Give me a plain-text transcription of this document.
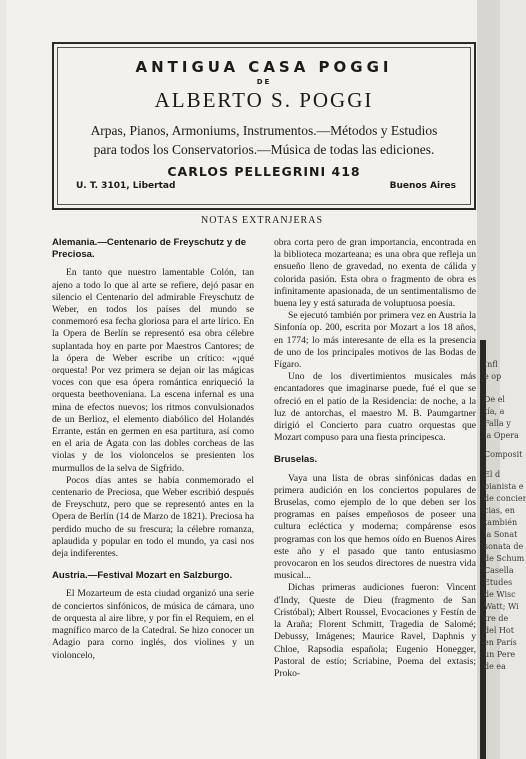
ANTIGUA CASA POGGI
DE
ALBERTO S. POGGI
Arpas, Pianos, Armoniums, Instrumentos.—Métodos y Estudios
para todos los Conservatorios.—Música de todas las ediciones.
CARLOS PELLEGRINI 418
U. T. 3101, Libertad	Buenos Aires
NOTAS EXTRANJERAS
Alemania.—Centenario de Freyschutz y de Preciosa.

En tanto que nuestro lamentable Colón, tan ajeno a todo lo que al arte se refiere, dejó pasar en silencio el Centenario del admirable Freyschutz de Weber, en todos los países del mundo se conmemoró esa fecha gloriosa para el arte lírico. En la Opera de Berlín se representó esa obra célebre suplantada hoy en parte por Maestros Cantores; de la ópera de Weber escribe un crítico: «¡qué orquesta! Por vez primera se dejan oir las mágicas voces con que esa ópera romántica enriqueció la orquesta beethoveniana. La escena infernal es una mina de efectos nuevos; los ritmos convulsionados de un Berlioz, el elemento diabólico del Holandés Errante, están en germen en esa partitura, así como en el aria de Agata con las dobles corcheas de las violas y de los violoncelos se presienten los murmullos de la selva de Sigfrido.

Pocos días antes se había conmemorado el centenario de Preciosa, que Weber escribió después de Freyschutz, pero que se representó antes en la Opera de Berlín (14 de Marzo de 1821). Preciosa ha perdido mucho de su frescura; la célebre romanza, aplaudida y popular en todo el mundo, ya casi nos deja indiferentes.

Austria.—Festival Mozart en Salzburgo.

El Mozarteum de esta ciudad organizó una serie de conciertos sinfónicos, de música de cámara, uno de orquesta al aire libre, y por fin el Requiem, en el magnífico marco de la Catedral. Se hizo conocer un Adagio para corno inglés, dos violines y un violoncelo,

obra corta pero de gran importancia, encontrada en la biblioteca mozarteana; es una obra que refleja un ensueño lleno de gravedad, no exenta de cálida y colorida pasión. Esta obra o fragmento de obra es infinitamente apasionada, de un sentimentalismo de buena ley y está saturada de voluptuosa poesía.

Se ejecutó también por primera vez en Austria la Sinfonía op. 200, escrita por Mozart a los 18 años, en 1774; lo más interesante de ella es la presencia de uno de los principales motivos de las Bodas de Fígaro.

Uno de los divertimientos musicales más encantadores que imaginarse puede, fué el que se ofreció en el patio de la Residencia: de noche, a la luz de antorchas, el maestro M. B. Paumgartner dirigió el Concierto para cuatro orquestas que Mozart compuso para una fiesta principesca.

Bruselas.

Vaya una lista de obras sinfónicas dadas en primera audición en los conciertos populares de Bruselas, como ejemplo de lo que deben ser los programas en países empeñosos de poseer una cultura ecléctica y moderna; compárense esos programas con los que hemos oído en Buenos Aires este año y el pasado que tanto entusiasmo provocaron en los seudos directores de nuestra vida musical...

Dichas primeras audiciones fueron: Vincent d'Indy, Queste de Dieu (fragmento de San Cristóbal); Albert Roussel, Evocaciones y Festín de la Araña; Florent Schmitt, Tragedia de Salomé; Debussy, Imágenes; Maurice Ravel, Daphnis y Chloe, Rapsodia española; Eugenio Honegger, Pastoral de estío; Scriabine, Poema del extasis; Proko-

Infl
e op
De el
tía, a
Falla y
la Opera
Composit
El d
pianista e
de concier
cias, en
también
la Sonat
sonata de
de Schum
Casella
Etudes
de Wisc
Watt; Wi
tre de
del Hot
en París
un Pere
de ea
